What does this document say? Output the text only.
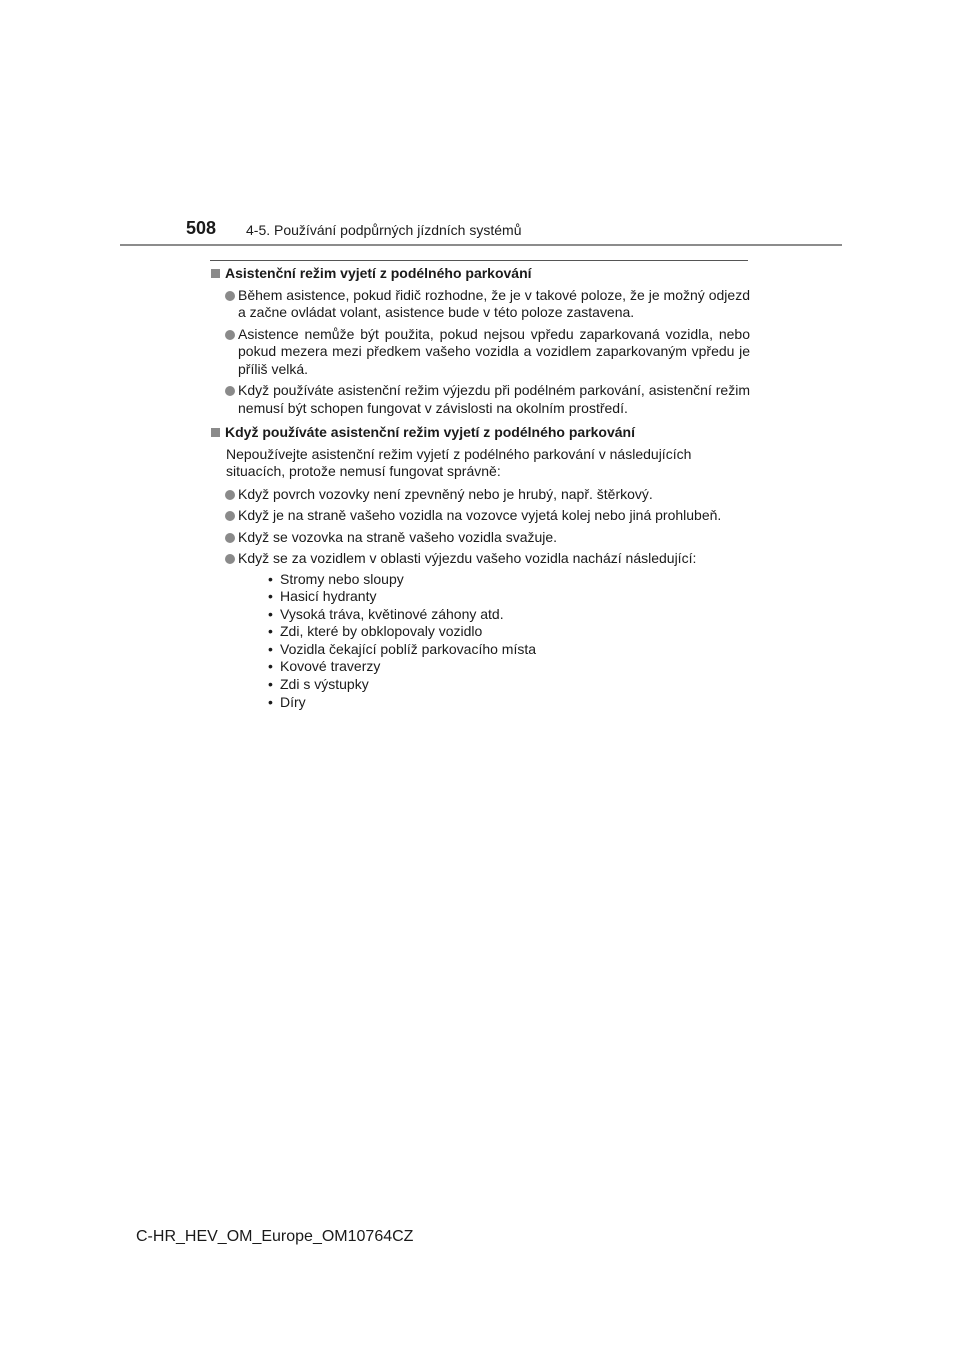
508 4-5. Používání podpůrných jízdních systémů
Asistenční režim vyjetí z podélného parkování
Během asistence, pokud řidič rozhodne, že je v takové poloze, že je možný odjezd a začne ovládat volant, asistence bude v této poloze zastavena.
Asistence nemůže být použita, pokud nejsou vpředu zaparkovaná vozidla, nebo pokud mezera mezi předkem vašeho vozidla a vozidlem zaparkovaným vpředu je příliš velká.
Když používáte asistenční režim výjezdu při podélném parkování, asistenční režim nemusí být schopen fungovat v závislosti na okolním prostředí.
Když používáte asistenční režim vyjetí z podélného parkování
Nepoužívejte asistenční režim vyjetí z podélného parkování v následujících situacích, protože nemusí fungovat správně:
Když povrch vozovky není zpevněný nebo je hrubý, např. štěrkový.
Když je na straně vašeho vozidla na vozovce vyjetá kolej nebo jiná prohlubeň.
Když se vozovka na straně vašeho vozidla svažuje.
Když se za vozidlem v oblasti výjezdu vašeho vozidla nachází následující:
• Stromy nebo sloupy
• Hasicí hydranty
• Vysoká tráva, květinové záhony atd.
• Zdi, které by obklopovaly vozidlo
• Vozidla čekající poblíž parkovacího místa
• Kovové traverzy
• Zdi s výstupky
• Díry
C-HR_HEV_OM_Europe_OM10764CZ
